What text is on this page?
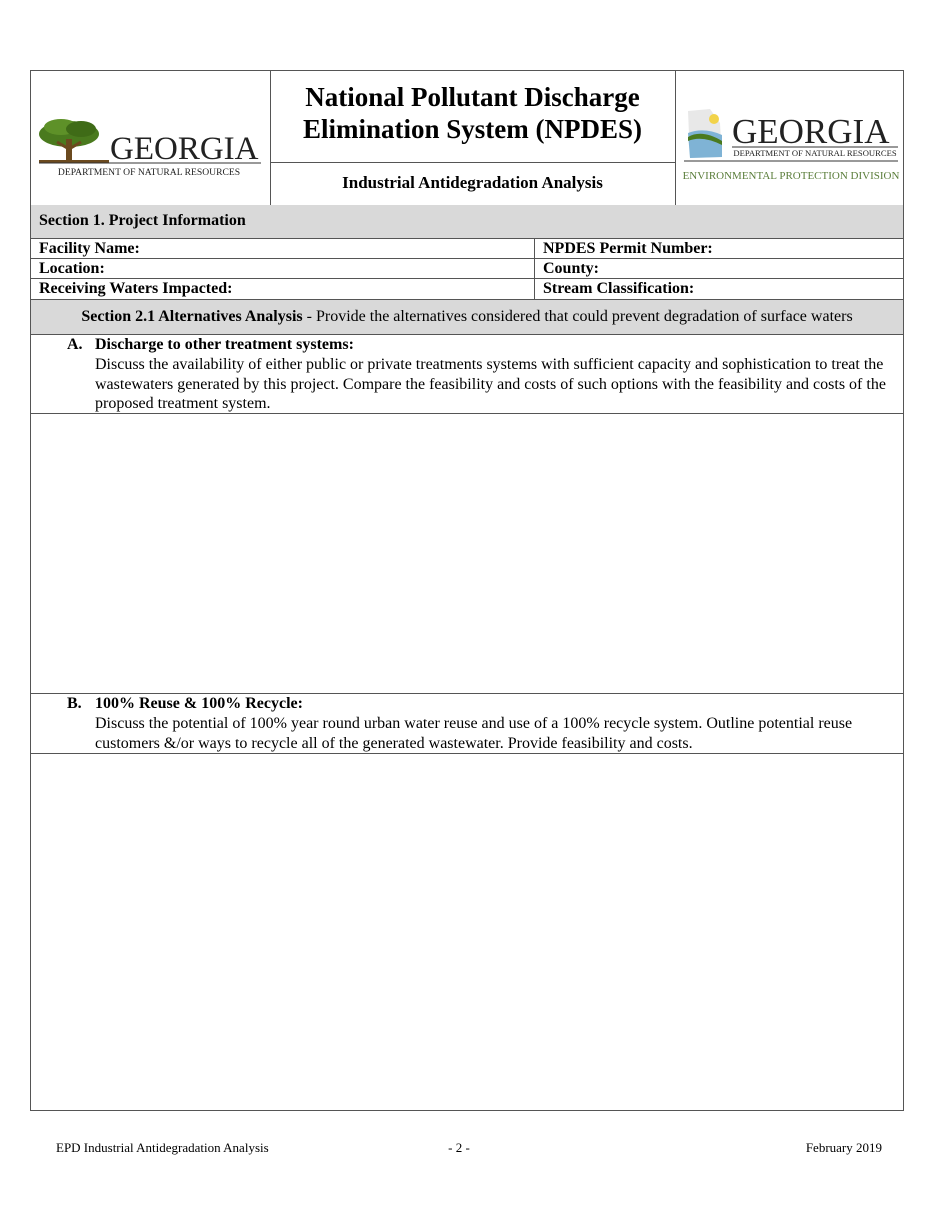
GEORGIA
DEPARTMENT OF NATURAL RESOURCES
National Pollutant Discharge
Elimination System (NPDES)
Industrial Antidegradation Analysis
GEORGIA
DEPARTMENT OF NATURAL RESOURCES
ENVIRONMENTAL PROTECTION DIVISION
Section 1. Project Information
Facility Name:	NPDES Permit Number:
Location:	County:
Receiving Waters Impacted:	Stream Classification:
Section 2.1 Alternatives Analysis - Provide the alternatives considered that could prevent degradation of surface waters
A. Discharge to other treatment systems:
Discuss the availability of either public or private treatments systems with sufficient capacity and sophistication to treat the wastewaters generated by this project. Compare the feasibility and costs of such options with the feasibility and costs of the proposed treatment system.
B. 100% Reuse & 100% Recycle:
Discuss the potential of 100% year round urban water reuse and use of a 100% recycle system. Outline potential reuse customers &/or ways to recycle all of the generated wastewater. Provide feasibility and costs.
EPD Industrial Antidegradation Analysis	- 2 -	February 2019
